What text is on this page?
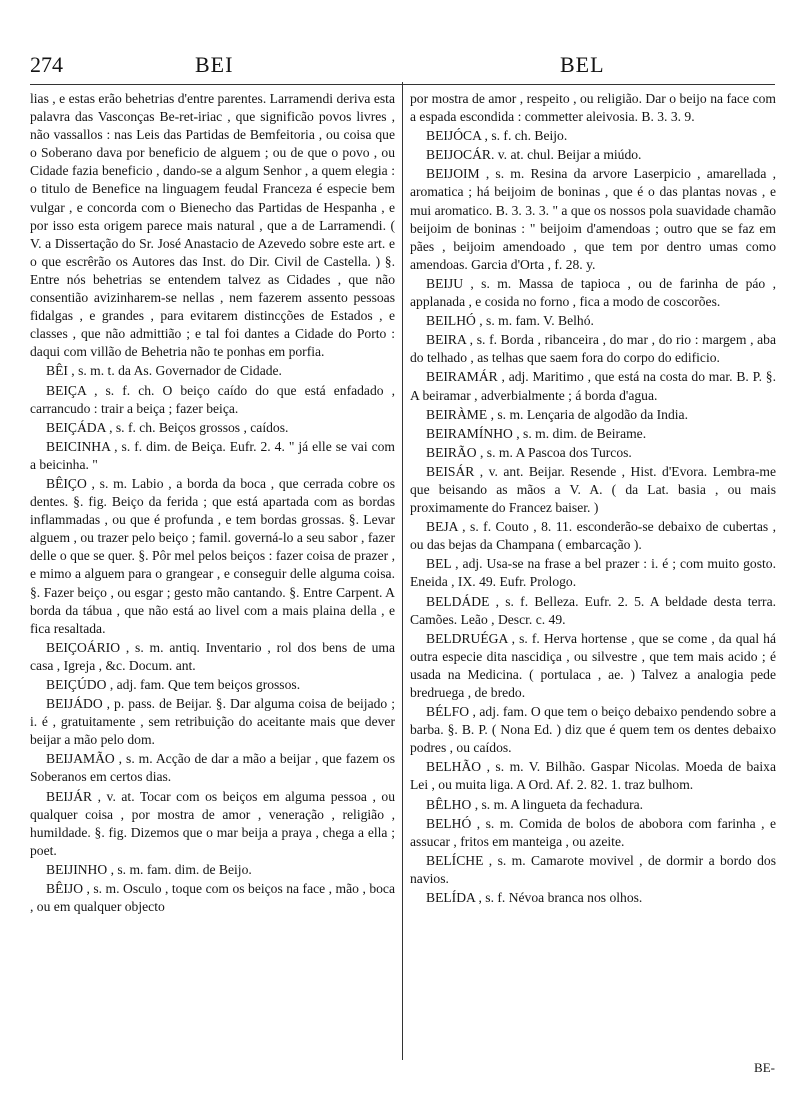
274	BEI	BEL

lias , e estas erão behetrias d'entre parentes. Larramendi deriva esta palavra das Vasconças Be-ret-iriac , que significão povos livres , não vassallos : nas Leis das Partidas de Bemfeitoria , ou coisa que o Soberano dava por beneficio de alguem ; ou de que o povo , ou Cidade fazia beneficio , dando-se a algum Senhor , a quem elegia : o titulo de Benefice na linguagem feudal Franceza é especie bem vulgar , e concorda com o Bienecho das Partidas de Hespanha , e por isso esta origem parece mais natural , que a de Larramendi. ( V. a Dissertação do Sr. José Anastacio de Azevedo sobre este art. e o que escrêrão os Autores das Inst. do Dir. Civil de Castella. ) §. Entre nós behetrias se entendem talvez as Cidades , que não consentião avizinharem-se nellas , nem fazerem assento pessoas fidalgas , e grandes , para evitarem distincções de Estados , e classes , que não admittião ; e tal foi dantes a Cidade do Porto : daqui com villão de Behetria não te ponhas em porfia.

BÊI , s. m. t. da As. Governador de Cidade.

BEIÇA , s. f. ch. O beiço caído do que está enfadado , carrancudo : trair a beiça ; fazer beiça.

BEIÇÁDA , s. f. ch. Beiços grossos , caídos.

BEICINHA , s. f. dim. de Beiça. Eufr. 2. 4. " já elle se vai com a beicinha. "

BÊIÇO , s. m. Labio , a borda da boca , que cerrada cobre os dentes. §. fig. Beiço da ferida ; que está apartada com as bordas inflammadas , ou que é profunda , e tem bordas grossas. §. Levar alguem , ou trazer pelo beiço ; famil. governá-lo a seu sabor , fazer delle o que se quer. §. Pôr mel pelos beiços : fazer coisa de prazer , e mimo a alguem para o grangear , e conseguir delle alguma coisa. §. Fazer beiço , ou esgar ; gesto mão cantando. §. Entre Carpent. A borda da tábua , que não está ao livel com a mais plaina della , e fica resaltada.

BEIÇOÁRIO , s. m. antiq. Inventario , rol dos bens de uma casa , Igreja , &c. Docum. ant.

BEIÇÚDO , adj. fam. Que tem beiços grossos.

BEIJÁDO , p. pass. de Beijar. §. Dar alguma coisa de beijado ; i. é , gratuitamente , sem retribuição do aceitante mais que dever beijar a mão pelo dom.

BEIJAMÃO , s. m. Acção de dar a mão a beijar , que fazem os Soberanos em certos dias.

BEIJÁR , v. at. Tocar com os beiços em alguma pessoa , ou qualquer coisa , por mostra de amor , veneração , religião , humildade. §. fig. Dizemos que o mar beija a praya , chega a ella ; poet.

BEIJINHO , s. m. fam. dim. de Beijo.

BÊIJO , s. m. Osculo , toque com os beiços na face , mão , boca , ou em qualquer objecto

por mostra de amor , respeito , ou religião. Dar o beijo na face com a espada escondida : commetter aleivosia. B. 3. 3. 9.

BEIJÓCA , s. f. ch. Beijo.

BEIJOCÁR. v. at. chul. Beijar a miúdo.

BEIJOIM , s. m. Resina da arvore Laserpicio , amarellada , aromatica ; há beijoim de boninas , que é o das plantas novas , e mui aromatico. B. 3. 3. 3. " a que os nossos pola suavidade chamão beijoim de boninas : " beijoim d'amendoas ; outro que se faz em pães , beijoim amendoado , que tem por dentro umas como amendoas. Garcia d'Orta , f. 28. y.

BEIJU , s. m. Massa de tapioca , ou de farinha de páo , applanada , e cosida no forno , fica a modo de coscorões.

BEILHÓ , s. m. fam. V. Belhó.

BEIRA , s. f. Borda , ribanceira , do mar , do rio : margem , aba do telhado , as telhas que saem fora do corpo do edificio.

BEIRAMÁR , adj. Maritimo , que está na costa do mar. B. P. §. A beiramar , adverbialmente ; á borda d'agua.

BEIRÀME , s. m. Lençaria de algodão da India.

BEIRAMÍNHO , s. m. dim. de Beirame.

BEIRÃO , s. m. A Pascoa dos Turcos.

BEISÁR , v. ant. Beijar. Resende , Hist. d'Evora. Lembra-me que beisando as mãos a V. A. ( da Lat. basia , ou mais proximamente do Francez baiser. )

BEJA , s. f. Couto , 8. 11. esconderão-se debaixo de cubertas , ou das bejas da Champana ( embarcação ).

BEL , adj. Usa-se na frase a bel prazer : i. é ; com muito gosto. Eneida , IX. 49. Eufr. Prologo.

BELDÁDE , s. f. Belleza. Eufr. 2. 5. A beldade desta terra. Camões. Leão , Descr. c. 49.

BELDRUÉGA , s. f. Herva hortense , que se come , da qual há outra especie dita nascidiça , ou silvestre , que tem mais acido ; é usada na Medicina. ( portulaca , ae. ) Talvez a analogia pede bredruega , de bredo.

BÉLFO , adj. fam. O que tem o beiço debaixo pendendo sobre a barba. §. B. P. ( Nona Ed. ) diz que é quem tem os dentes debaixo podres , ou caídos.

BELHÃO , s. m. V. Bilhão. Gaspar Nicolas. Moeda de baixa Lei , ou muita liga. A Ord. Af. 2. 82. 1. traz bulhom.

BÊLHO , s. m. A lingueta da fechadura.

BELHÓ , s. m. Comida de bolos de abobora com farinha , e assucar , fritos em manteiga , ou azeite.

BELÍCHE , s. m. Camarote movivel , de dormir a bordo dos navios.

BELÍDA , s. f. Névoa branca nos olhos.

BE-
